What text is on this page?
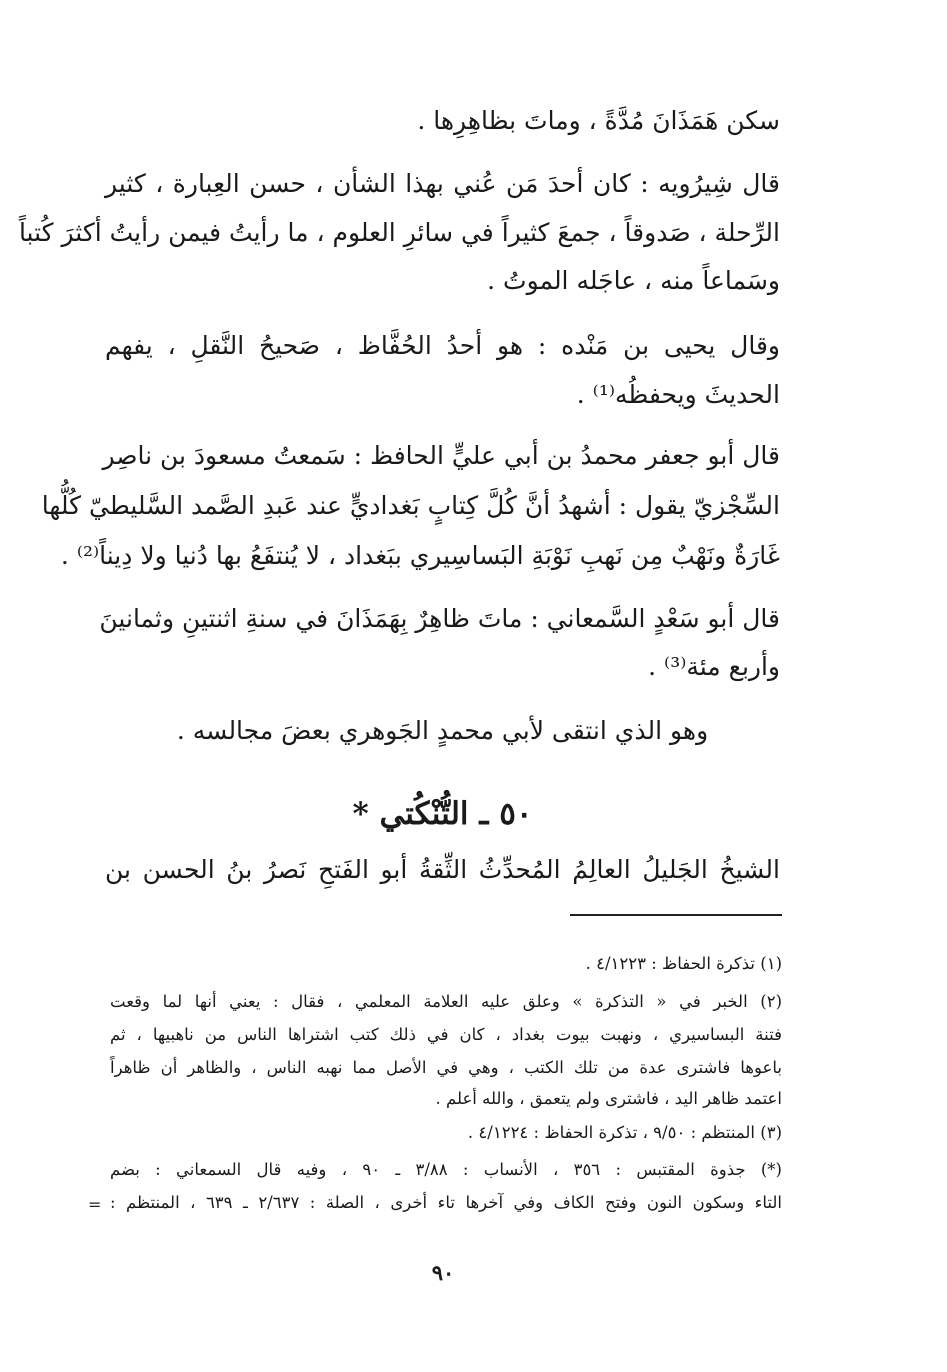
سكن هَمَذَانَ مُدَّةً ، وماتَ بظاهِرِها .
قال شِيرُويه : كان أحدَ مَن عُني بهذا الشأن ، حسن العِبارة ، كثير
الرِّحلة ، صَدوقاً ، جمعَ كثيراً في سائرِ العلوم ، ما رأيتُ فيمن رأيتُ أكثرَ كُتباً
وسَماعاً منه ، عاجَله الموتُ .
وقال يحيى بن مَنْده : هو أحدُ الحُفَّاظ ، صَحيحُ النَّقلِ ، يفهم
الحديثَ ويحفظُه⁽¹⁾ .
قال أبو جعفر محمدُ بن أبي عليٍّ الحافظ : سَمعتُ مسعودَ بن ناصِر
السِّجْزيّ يقول : أشهدُ أنَّ كُلَّ كِتابٍ بَغداديٍّ عند عَبدِ الصَّمد السَّليطيّ كُلُّها
غَارَةٌ ونَهْبٌ مِن نَهبِ نَوْبَةِ البَساسِيري ببَغداد ، لا يُنتفَعُ بها دُنيا ولا دِيناً⁽²⁾ .
قال أبو سَعْدٍ السَّمعاني : ماتَ ظاهِرٌ بِهَمَذَانَ في سنةِ اثنتينِ وثمانينَ
وأربع مئة⁽³⁾ .
وهو الذي انتقى لأبي محمدٍ الجَوهري بعضَ مجالسه .
٥٠ ـ التُّنْكُتي *
الشيخُ الجَليلُ العالِمُ المُحدِّثُ الثِّقةُ أبو الفَتحِ نَصرُ بنُ الحسن بن
(١) تذكرة الحفاظ : ٤/١٢٢٣ .
(٢) الخبر في « التذكرة » وعلق عليه العلامة المعلمي ، فقال : يعني أنها لما وقعت
فتنة البساسيري ، ونهبت بيوت بغداد ، كان في ذلك كتب اشتراها الناس من ناهبيها ، ثم
باعوها فاشترى عدة من تلك الكتب ، وهي في الأصل مما نهبه الناس ، والظاهر أن ظاهراً
اعتمد ظاهر اليد ، فاشترى ولم يتعمق ، والله أعلم .
(٣) المنتظم : ٩/٥٠ ، تذكرة الحفاظ : ٤/١٢٢٤ .
(*) جذوة المقتبس : ٣٥٦ ، الأنساب : ٣/٨٨ ـ ٩٠ ، وفيه قال السمعاني : بضم
التاء وسكون النون وفتح الكاف وفي آخرها تاء أخرى ، الصلة : ٢/٦٣٧ ـ ٦٣٩ ، المنتظم :
=
٩٠
